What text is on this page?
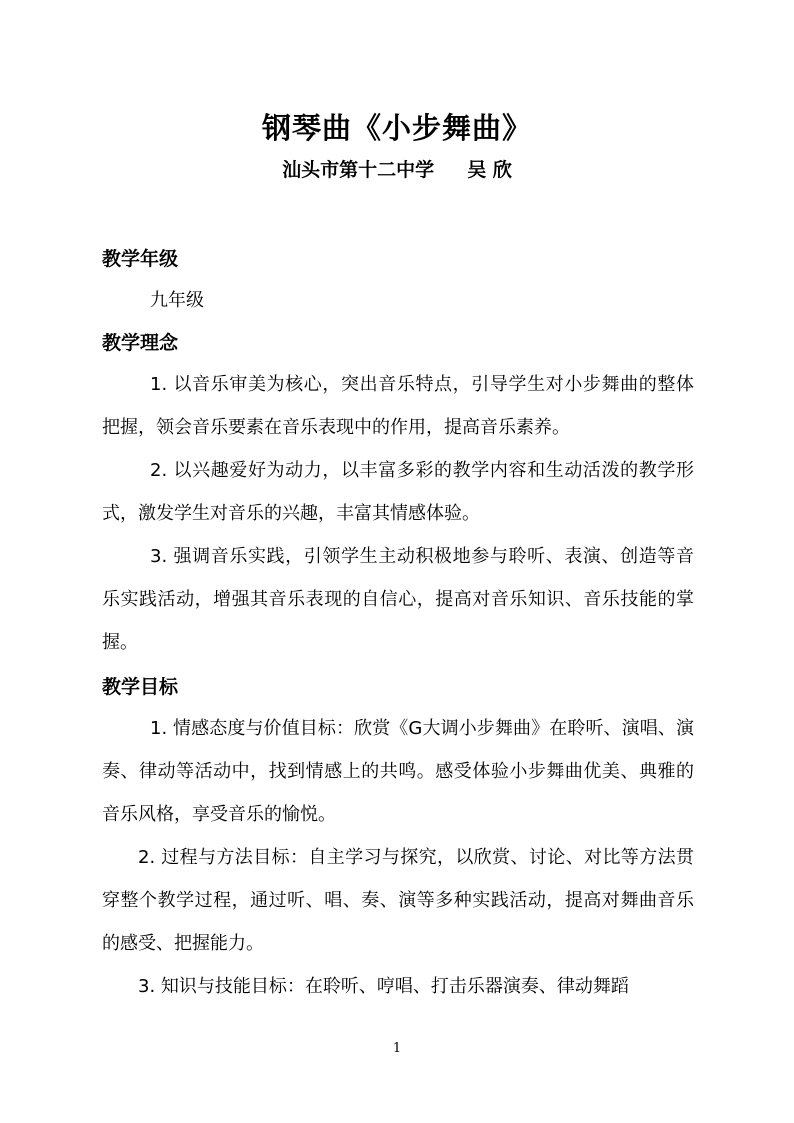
钢琴曲《小步舞曲》
汕头市第十二中学     吴 欣
教学年级
九年级
教学理念

1. 以音乐审美为核心，突出音乐特点，引导学生对小步舞曲的整体把握，领会音乐要素在音乐表现中的作用，提高音乐素养。

2. 以兴趣爱好为动力，以丰富多彩的教学内容和生动活泼的教学形式，激发学生对音乐的兴趣，丰富其情感体验。

3. 强调音乐实践，引领学生主动积极地参与聆听、表演、创造等音乐实践活动，增强其音乐表现的自信心，提高对音乐知识、音乐技能的掌握。

教学目标

1. 情感态度与价值目标：欣赏《G大调小步舞曲》在聆听、演唱、演奏、律动等活动中，找到情感上的共鸣。感受体验小步舞曲优美、典雅的音乐风格，享受音乐的愉悦。

2. 过程与方法目标：自主学习与探究，以欣赏、讨论、对比等方法贯穿整个教学过程，通过听、唱、奏、演等多种实践活动，提高对舞曲音乐的感受、把握能力。

3. 知识与技能目标：在聆听、哼唱、打击乐器演奏、律动舞蹈

1
